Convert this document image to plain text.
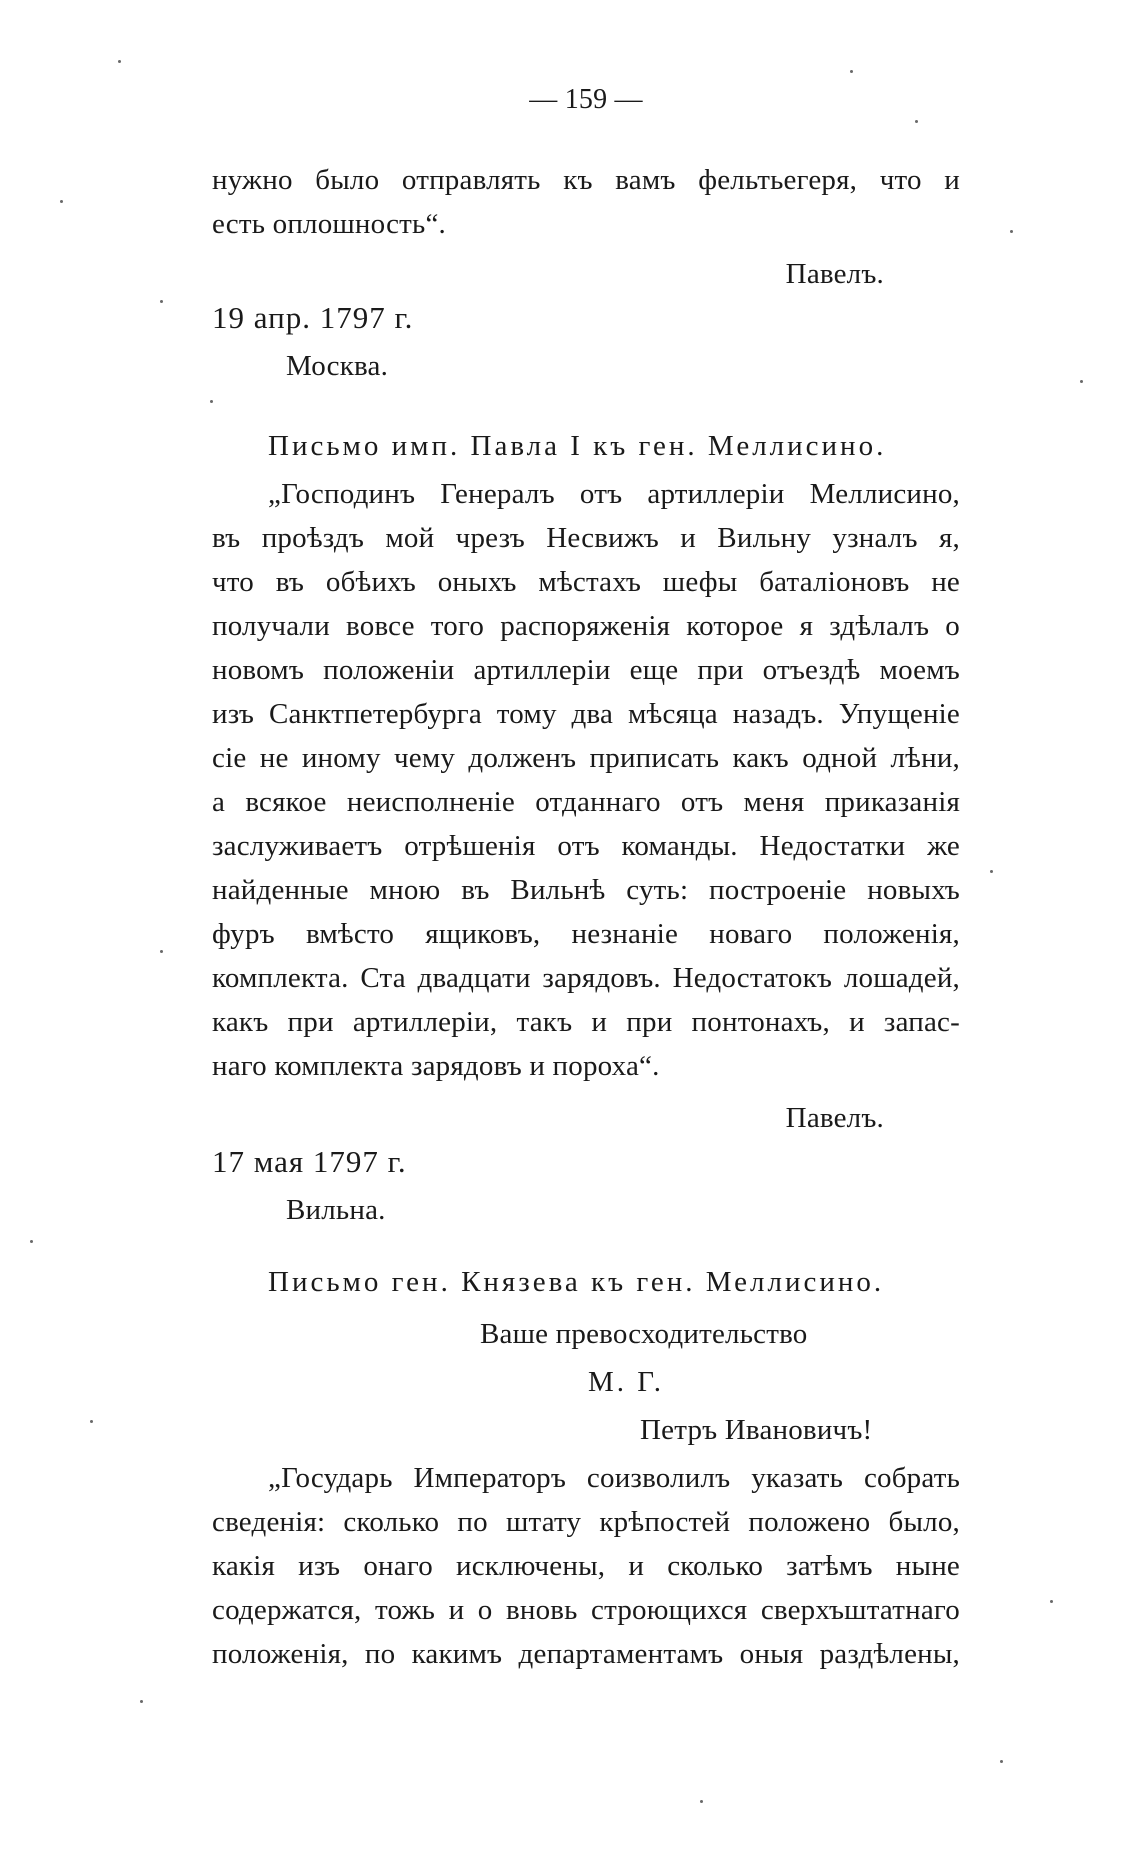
— 159 —
нужно было отправлять къ вамъ фельтьегеря, что и
есть оплошность“.
Павелъ.
19 апр. 1797 г.
Москва.
Письмо имп. Павла I къ ген. Меллисино.
„Господинъ Генералъ отъ артиллеріи Меллисино,
въ проѣздъ мой чрезъ Несвижъ и Вильну узналъ я,
что въ обѣихъ оныхъ мѣстахъ шефы баталіоновъ не
получали вовсе того распоряженія которое я здѣлалъ о
новомъ положеніи артиллеріи еще при отъездѣ моемъ
изъ Санктпетербурга тому два мѣсяца назадъ. Упущеніе
сіе не иному чему долженъ приписать какъ одной лѣни,
а всякое неисполненіе отданнаго отъ меня приказанія
заслуживаетъ отрѣшенія отъ команды. Недостатки же
найденные мною въ Вильнѣ суть: построеніе новыхъ
фуръ вмѣсто ящиковъ, незнаніе новаго положенія,
комплекта. Ста двадцати зарядовъ. Недостатокъ лошадей,
какъ при артиллеріи, такъ и при понтонахъ, и запас-
наго комплекта зарядовъ и пороха“.
Павелъ.
17 мая 1797 г.
Вильна.
Письмо ген. Князева къ ген. Меллисино.
Ваше превосходительство
М. Г.
Петръ Ивановичъ!
„Государь Императоръ соизволилъ указать собрать
сведенія: сколько по штату крѣпостей положено было,
какія изъ онаго исключены, и сколько затѣмъ ныне
содержатся, тожь и о вновь строющихся сверхъштатнаго
положенія, по какимъ департаментамъ оныя раздѣлены,
